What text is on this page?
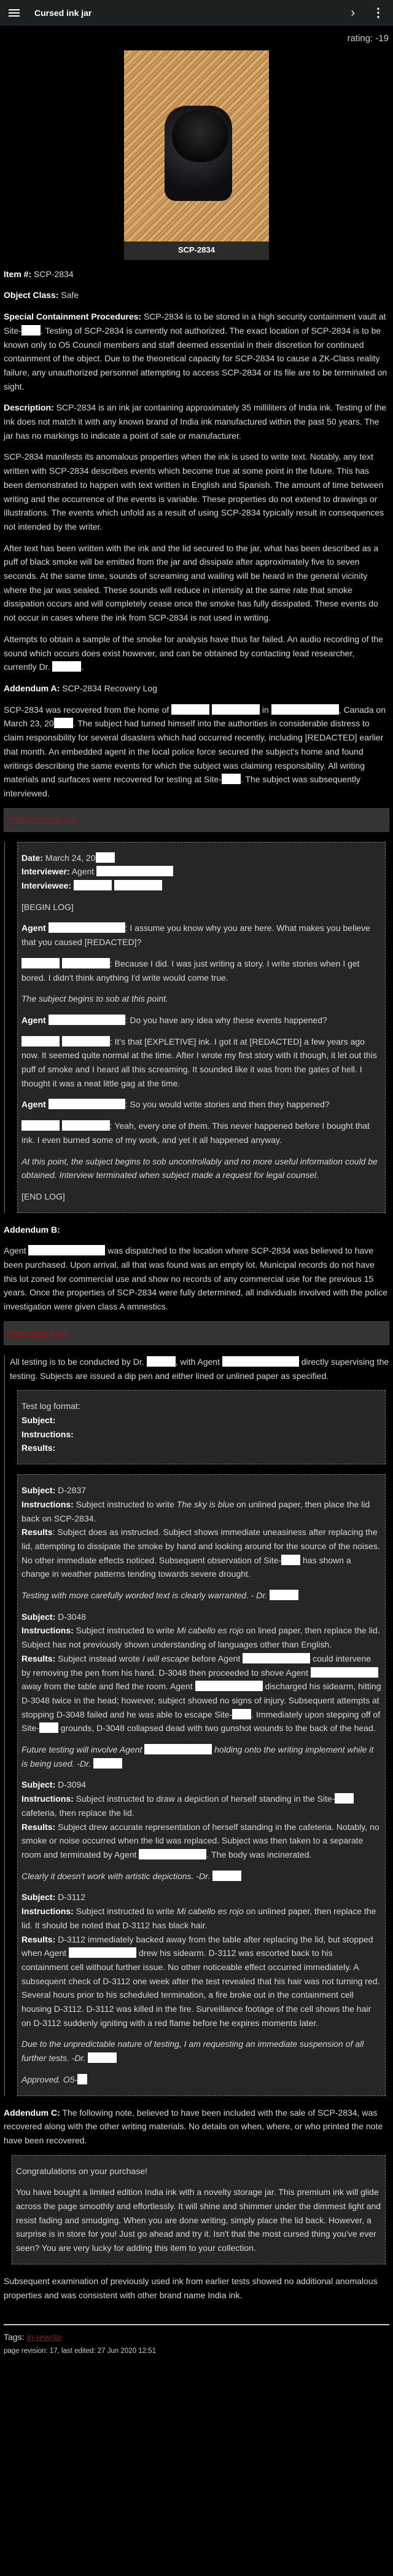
Cursed ink jar	› ⋮
rating: -19
SCP-2834

Item #: SCP-2834

Object Class: Safe

Special Containment Procedures: SCP-2834 is to be stored in a high security containment vault at Site- . Testing of SCP-2834 is currently not authorized. The exact location of SCP-2834 is to be known only to O5 Council members and staff deemed essential in their discretion for continued containment of the object. Due to the theoretical capacity for SCP-2834 to cause a ZK-Class reality failure, any unauthorized personnel attempting to access SCP-2834 or its file are to be terminated on sight.

Description: SCP-2834 is an ink jar containing approximately 35 milliliters of India ink. Testing of the ink does not match it with any known brand of India ink manufactured within the past 50 years. The jar has no markings to indicate a point of sale or manufacturer.

SCP-2834 manifests its anomalous properties when the ink is used to write text. Notably, any text written with SCP-2834 describes events which become true at some point in the future. This has been demonstrated to happen with text written in English and Spanish. The amount of time between writing and the occurrence of the events is variable. These properties do not extend to drawings or illustrations. The events which unfold as a result of using SCP-2834 typically result in consequences not intended by the writer.

After text has been written with the ink and the lid secured to the jar, what has been described as a puff of black smoke will be emitted from the jar and dissipate after approximately five to seven seconds. At the same time, sounds of screaming and wailing will be heard in the general vicinity where the jar was sealed. These sounds will reduce in intensity at the same rate that smoke dissipation occurs and will completely cease once the smoke has fully dissipated. These events do not occur in cases where the ink from SCP-2834 is not used in writing.

Attempts to obtain a sample of the smoke for analysis have thus far failed. An audio recording of the sound which occurs does exist however, and can be obtained by contacting lead researcher, currently Dr.	.

Addendum A: SCP-2834 Recovery Log

SCP-2834 was recovered from the home of	in	, Canada on March 23, 20 . The subject had turned himself into the authorities in considerable distress to claim responsibility for several disasters which had occurred recently, including [REDACTED] earlier that month. An embedded agent in the local police force secured the subject's home and found writings describing the same events for which the subject was claiming responsibility. All writing materials and surfaces were recovered for testing at Site- . The subject was subsequently interviewed.

Hide interview log

Date: March 24, 20
Interviewer: Agent
Interviewee:

[BEGIN LOG]

Agent	: I assume you know why you are here. What makes you believe that you caused [REDACTED]?

: Because I did. I was just writing a story. I write stories when I get bored. I didn't think anything I'd write would come true.

The subject begins to sob at this point.

Agent	: Do you have any idea why these events happened?

: It's that [EXPLETIVE] ink. I got it at [REDACTED] a few years ago now. It seemed quite normal at the time. After I wrote my first story with it though, it let out this puff of smoke and I heard all this screaming. It sounded like it was from the gates of hell. I thought it was a neat little gag at the time.

Agent	: So you would write stories and then they happened?

: Yeah, every one of them. This never happened before I bought that ink. I even burned some of my work, and yet it all happened anyway.

At this point, the subject begins to sob uncontrollably and no more useful information could be obtained. Interview terminated when subject made a request for legal counsel.

[END LOG]

Addendum B:

Agent	was dispatched to the location where SCP-2834 was believed to have been purchased. Upon arrival, all that was found was an empty lot. Municipal records do not have this lot zoned for commercial use and show no records of any commercial use for the previous 15 years. Once the properties of SCP-2834 were fully determined, all individuals involved with the police investigation were given class A amnestics.

Hide testing log

All testing is to be conducted by Dr.	, with Agent	directly supervising the testing. Subjects are issued a dip pen and either lined or unlined paper as specified.

Test log format:
Subject:
Instructions:
Results:

Subject: D-2837
Instructions: Subject instructed to write The sky is blue on unlined paper, then place the lid back on SCP-2834.
Results: Subject does as instructed. Subject shows immediate uneasiness after replacing the lid, attempting to dissipate the smoke by hand and looking around for the source of the noises. No other immediate effects noticed. Subsequent observation of Site- has shown a change in weather patterns tending towards severe drought.

Testing with more carefully worded text is clearly warranted. - Dr.

Subject: D-3048
Instructions: Subject instructed to write Mi cabello es rojo on lined paper, then replace the lid. Subject has not previously shown understanding of languages other than English.
Results: Subject instead wrote I will escape before Agent	could intervene by removing the pen from his hand. D-3048 then proceeded to shove Agent  away from the table and fled the room. Agent	discharged his sidearm, hitting D-3048 twice in the head; however, subject showed no signs of injury. Subsequent attempts at stopping D-3048 failed and he was able to escape Site- . Immediately upon stepping off of Site- grounds, D-3048 collapsed dead with two gunshot wounds to the back of the head.

Future testing will involve Agent	holding onto the writing implement while it is being used. -Dr.

Subject: D-3094
Instructions: Subject instructed to draw a depiction of herself standing in the Site- cafeteria, then replace the lid.
Results: Subject drew accurate representation of herself standing in the cafeteria. Notably, no smoke or noise occurred when the lid was replaced. Subject was then taken to a separate room and terminated by Agent	. The body was incinerated.

Clearly it doesn't work with artistic depictions. -Dr.

Subject: D-3112
Instructions: Subject instructed to write Mi cabello es rojo on unlined paper, then replace the lid. It should be noted that D-3112 has black hair.
Results: D-3112 immediately backed away from the table after replacing the lid, but stopped when Agent	drew his sidearm. D-3112 was escorted back to his containment cell without further issue. No other noticeable effect occurred immediately. A subsequent check of D-3112 one week after the test revealed that his hair was not turning red. Several hours prior to his scheduled termination, a fire broke out in the containment cell housing D-3112. D-3112 was killed in the fire. Surveillance footage of the cell shows the hair on D-3112 suddenly igniting with a red flame before he expires moments later.

Due to the unpredictable nature of testing, I am requesting an immediate suspension of all further tests. -Dr.

Approved. O5-

Addendum C: The following note, believed to have been included with the sale of SCP-2834, was recovered along with the other writing materials. No details on when, where, or who printed the note have been recovered.

Congratulations on your purchase!

You have bought a limited edition India ink with a novelty storage jar. This premium ink will glide across the page smoothly and effortlessly. It will shine and shimmer under the dimmest light and resist fading and smudging. When you are done writing, simply place the lid back. However, a surprise is in store for you! Just go ahead and try it. Isn't that the most cursed thing you've ever seen? You are very lucky for adding this item to your collection.

Subsequent examination of previously used ink from earlier tests showed no additional anomalous properties and was consistent with other brand name India ink.

Tags: in-rewrite
page revision: 17, last edited: 27 Jun 2020 12:51
